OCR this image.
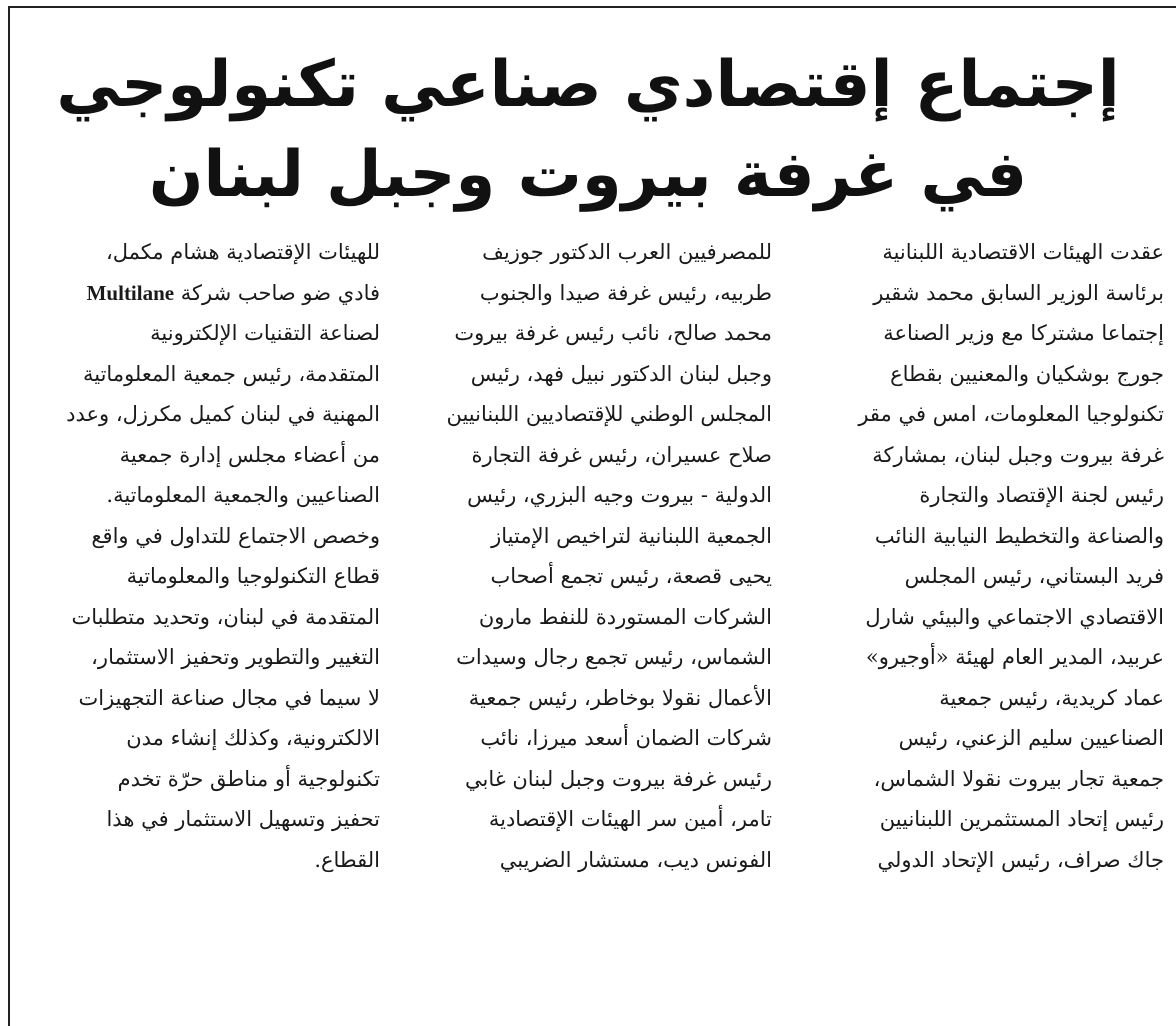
إجتماع إقتصادي صناعي تكنولوجي
في غرفة بيروت وجبل لبنان
عقدت الهيئات الاقتصادية اللبنانية
برئاسة الوزير السابق محمد شقير
إجتماعا مشتركا مع وزير الصناعة
جورج بوشكيان والمعنيين بقطاع
تكنولوجيا المعلومات، امس في مقر
غرفة بيروت وجبل لبنان، بمشاركة
رئيس لجنة الإقتصاد والتجارة
والصناعة والتخطيط النيابية النائب
فريد البستاني، رئيس المجلس
الاقتصادي الاجتماعي والبيئي شارل
عربيد، المدير العام لهيئة «أوجيرو»
عماد كريدية، رئيس جمعية
الصناعيين سليم الزعني، رئيس
جمعية تجار بيروت نقولا الشماس،
رئيس إتحاد المستثمرين اللبنانيين
جاك صراف، رئيس الإتحاد الدولي
للمصرفيين العرب الدكتور جوزيف
طربيه، رئيس غرفة صيدا والجنوب
محمد صالح، نائب رئيس غرفة بيروت
وجبل لبنان الدكتور نبيل فهد، رئيس
المجلس الوطني للإقتصاديين اللبنانيين
صلاح عسيران، رئيس غرفة التجارة
الدولية - بيروت وجيه البزري، رئيس
الجمعية اللبنانية لتراخيص الإمتياز
يحيى قصعة، رئيس تجمع أصحاب
الشركات المستوردة للنفط مارون
الشماس، رئيس تجمع رجال وسيدات
الأعمال نقولا بوخاطر، رئيس جمعية
شركات الضمان أسعد ميرزا، نائب
رئيس غرفة بيروت وجبل لبنان غابي
تامر، أمين سر الهيئات الإقتصادية
الفونس ديب، مستشار الضريبي
للهيئات الإقتصادية هشام مكمل،
فادي ضو صاحب شركة Multilane
لصناعة التقنيات الإلكترونية
المتقدمة، رئيس جمعية المعلوماتية
المهنية في لبنان كميل مكرزل، وعدد
من أعضاء مجلس إدارة جمعية
الصناعيين والجمعية المعلوماتية.
وخصص الاجتماع للتداول في واقع
قطاع التكنولوجيا والمعلوماتية
المتقدمة في لبنان، وتحديد متطلبات
التغيير والتطوير وتحفيز الاستثمار،
لا سيما في مجال صناعة التجهيزات
الالكترونية، وكذلك إنشاء مدن
تكنولوجية أو مناطق حرّة تخدم
تحفيز وتسهيل الاستثمار في هذا
القطاع.
